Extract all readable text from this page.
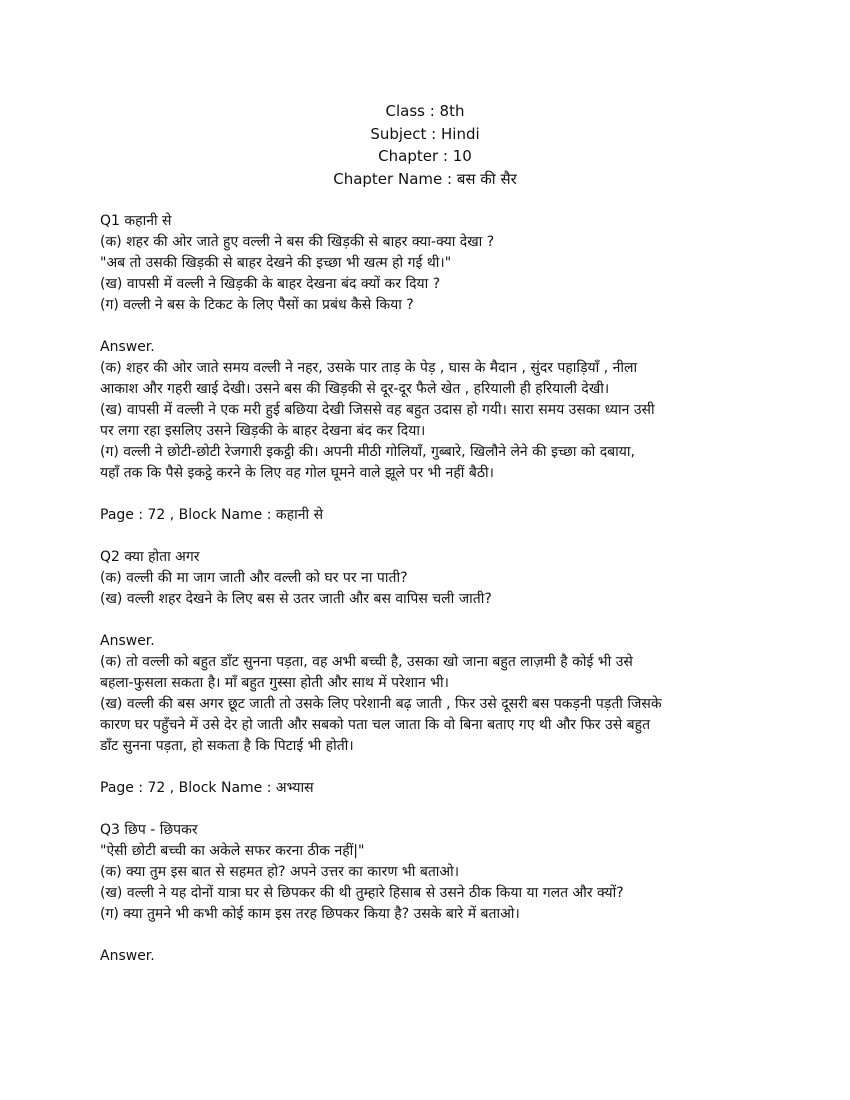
Class : 8th
Subject : Hindi
Chapter : 10
Chapter Name : बस की सैर
Q1 कहानी से
(क) शहर की ओर जाते हुए वल्ली ने बस की खिड़की से बाहर क्या-क्या देखा ?
"अब तो उसकी खिड़की से बाहर देखने की इच्छा भी खत्म हो गई थी।"
(ख) वापसी में वल्ली ने खिड़की के बाहर देखना बंद क्यों कर दिया ?
(ग) वल्ली ने बस के टिकट के लिए पैसों का प्रबंध कैसे किया ?
Answer.
(क) शहर की ओर जाते समय वल्ली ने नहर, उसके पार ताड़ के पेड़ , घास के मैदान , सुंदर पहाड़ियाँ , नीला
आकाश और गहरी खाई देखी। उसने बस की खिड़की से दूर-दूर फैले खेत , हरियाली ही हरियाली देखी।
(ख) वापसी में वल्ली ने एक मरी हुई बछिया देखी जिससे वह बहुत उदास हो गयी। सारा समय उसका ध्यान उसी
पर लगा रहा इसलिए उसने खिड़की के बाहर देखना बंद कर दिया।
(ग) वल्ली ने छोटी-छोटी रेजगारी इकट्ठी की। अपनी मीठी गोलियाँ, गुब्बारे, खिलौने लेने की इच्छा को दबाया,
यहाँ तक कि पैसे इकट्ठे करने के लिए वह गोल घूमने वाले झूले पर भी नहीं बैठी।
Page : 72 , Block Name : कहानी से
Q2 क्या होता अगर
(क) वल्ली की मा जाग जाती और वल्ली को घर पर ना पाती?
(ख) वल्ली शहर देखने के लिए बस से उतर जाती और बस वापिस चली जाती?
Answer.
(क) तो वल्ली को बहुत डाँट सुनना पड़ता, वह अभी बच्ची है, उसका खो जाना बहुत लाज़मी है कोई भी उसे
बहला-फुसला सकता है। माँ बहुत गुस्सा होती और साथ में परेशान भी।
(ख) वल्ली की बस अगर छूट जाती तो उसके लिए परेशानी बढ़ जाती , फिर उसे दूसरी बस पकड़नी पड़ती जिसके
कारण घर पहुँचने में उसे देर हो जाती और सबको पता चल जाता कि वो बिना बताए गए थी और फिर उसे बहुत
डाँट सुनना पड़ता, हो सकता है कि पिटाई भी होती।
Page : 72 , Block Name : अभ्यास
Q3 छिप - छिपकर
"ऐसी छोटी बच्ची का अकेले सफर करना ठीक नहीं|"
(क) क्या तुम इस बात से सहमत हो? अपने उत्तर का कारण भी बताओ।
(ख) वल्ली ने यह दोनों यात्रा घर से छिपकर की थी तुम्हारे हिसाब से उसने ठीक किया या गलत और क्यों?
(ग) क्या तुमने भी कभी कोई काम इस तरह छिपकर किया है? उसके बारे में बताओ।
Answer.
